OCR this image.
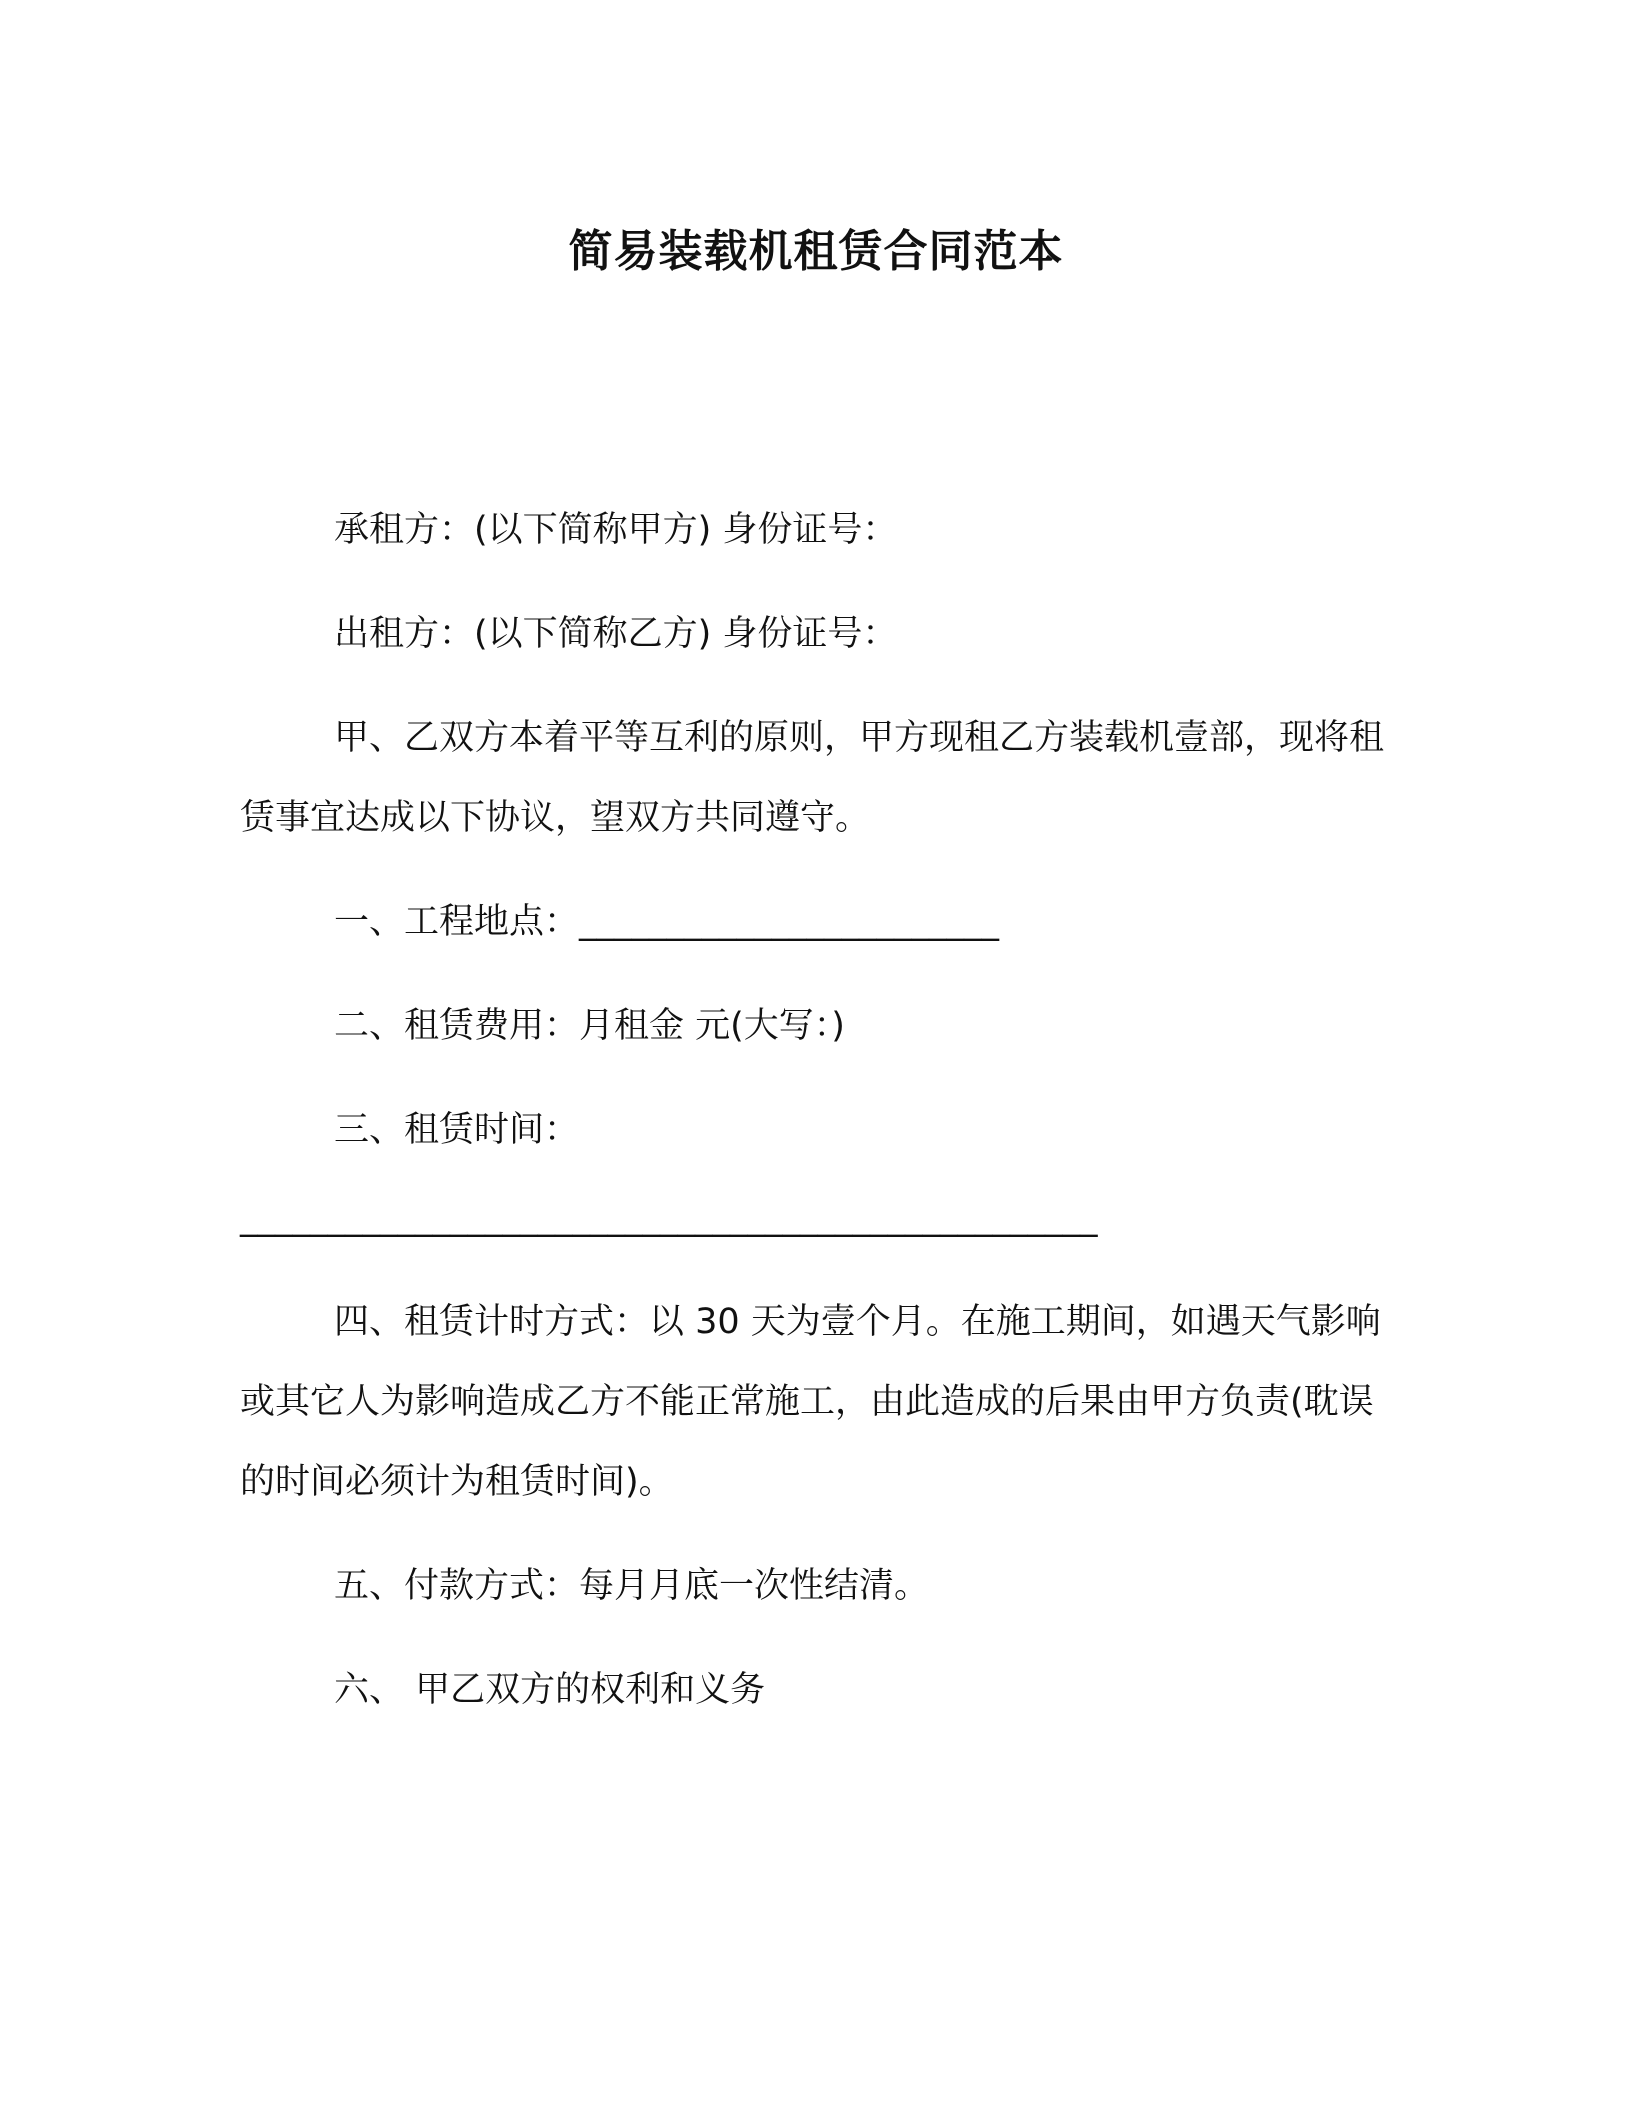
简易装载机租赁合同范本

承租方：(以下简称甲方) 身份证号：

出租方：(以下简称乙方) 身份证号：

甲、乙双方本着平等互利的原则，甲方现租乙方装载机壹部，现将租赁事宜达成以下协议，望双方共同遵守。

一、工程地点：________________________

二、租赁费用：月租金 元(大写：)

三、租赁时间：

_________________________________________________

四、租赁计时方式：以 30 天为壹个月。在施工期间，如遇天气影响或其它人为影响造成乙方不能正常施工，由此造成的后果由甲方负责(耽误的时间必须计为租赁时间)。

五、付款方式：每月月底一次性结清。

六、 甲乙双方的权利和义务
